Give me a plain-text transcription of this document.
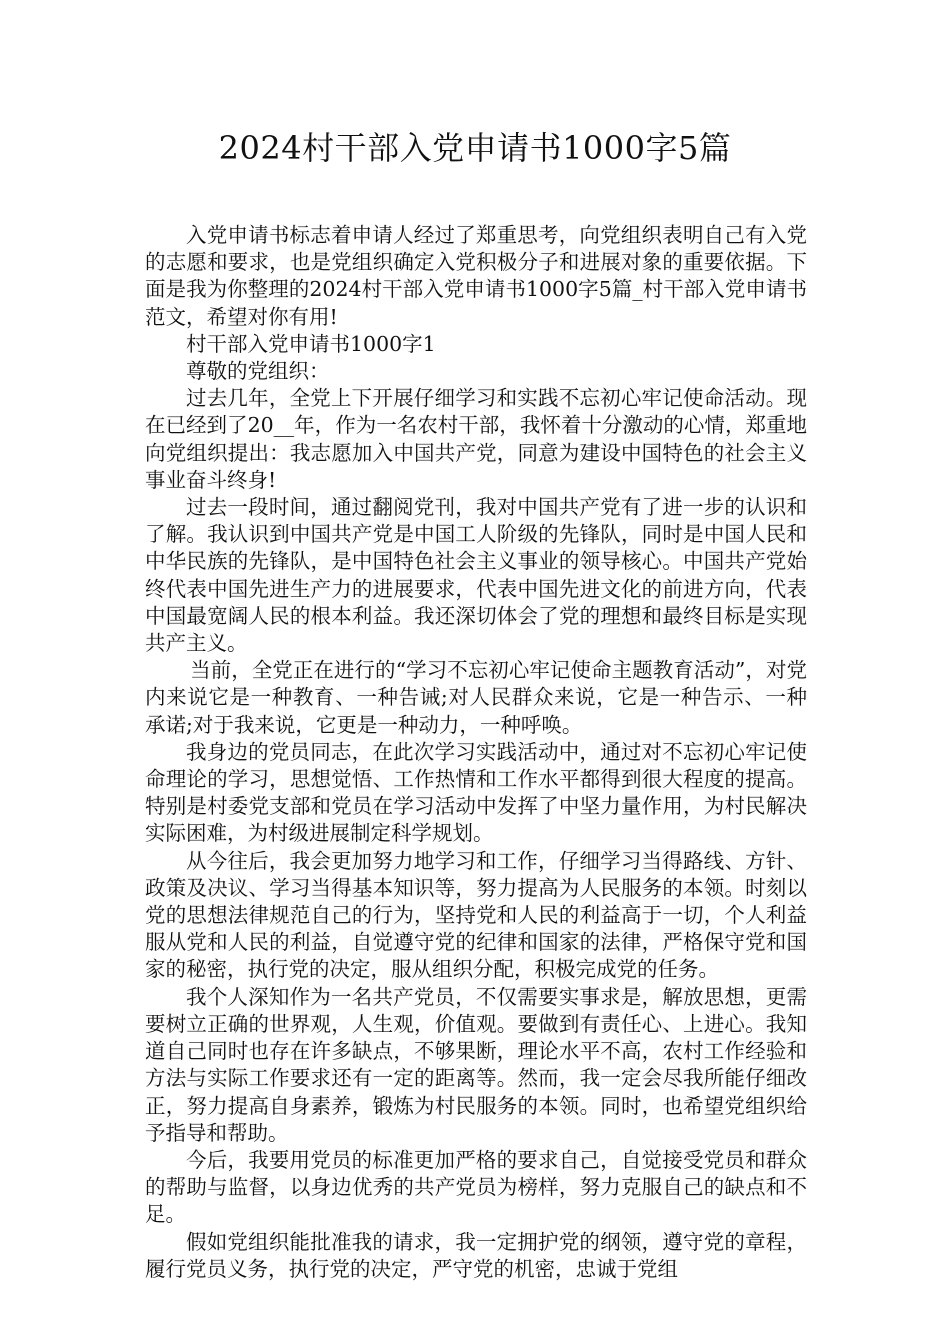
2024村干部入党申请书1000字5篇

入党申请书标志着申请人经过了郑重思考，向党组织表明自己有入党的志愿和要求，也是党组织确定入党积极分子和进展对象的重要依据。下面是我为你整理的2024村干部入党申请书1000字5篇_村干部入党申请书范文，希望对你有用!

村干部入党申请书1000字1

尊敬的党组织：

过去几年，全党上下开展仔细学习和实践不忘初心牢记使命活动。现在已经到了20__年，作为一名农村干部，我怀着十分激动的心情，郑重地向党组织提出：我志愿加入中国共产党，同意为建设中国特色的社会主义事业奋斗终身!

过去一段时间，通过翻阅党刊，我对中国共产党有了进一步的认识和了解。我认识到中国共产党是中国工人阶级的先锋队，同时是中国人民和中华民族的先锋队，是中国特色社会主义事业的领导核心。中国共产党始终代表中国先进生产力的进展要求，代表中国先进文化的前进方向，代表中国最宽阔人民的根本利益。我还深切体会了党的理想和最终目标是实现共产主义。

当前，全党正在进行的“学习不忘初心牢记使命主题教育活动”，对党内来说它是一种教育、一种告诫;对人民群众来说，它是一种告示、一种承诺;对于我来说，它更是一种动力，一种呼唤。

我身边的党员同志，在此次学习实践活动中，通过对不忘初心牢记使命理论的学习，思想觉悟、工作热情和工作水平都得到很大程度的提高。特别是村委党支部和党员在学习活动中发挥了中坚力量作用，为村民解决实际困难，为村级进展制定科学规划。

从今往后，我会更加努力地学习和工作，仔细学习当得路线、方针、政策及决议、学习当得基本知识等，努力提高为人民服务的本领。时刻以党的思想法律规范自己的行为，坚持党和人民的利益高于一切，个人利益服从党和人民的利益，自觉遵守党的纪律和国家的法律，严格保守党和国家的秘密，执行党的决定，服从组织分配，积极完成党的任务。

我个人深知作为一名共产党员，不仅需要实事求是，解放思想，更需要树立正确的世界观，人生观，价值观。要做到有责任心、上进心。我知道自己同时也存在许多缺点，不够果断，理论水平不高，农村工作经验和方法与实际工作要求还有一定的距离等。然而，我一定会尽我所能仔细改正，努力提高自身素养，锻炼为村民服务的本领。同时，也希望党组织给予指导和帮助。

今后，我要用党员的标准更加严格的要求自己，自觉接受党员和群众的帮助与监督，以身边优秀的共产党员为榜样，努力克服自己的缺点和不足。

假如党组织能批准我的请求，我一定拥护党的纲领，遵守党的章程，履行党员义务，执行党的决定，严守党的机密，忠诚于党组
